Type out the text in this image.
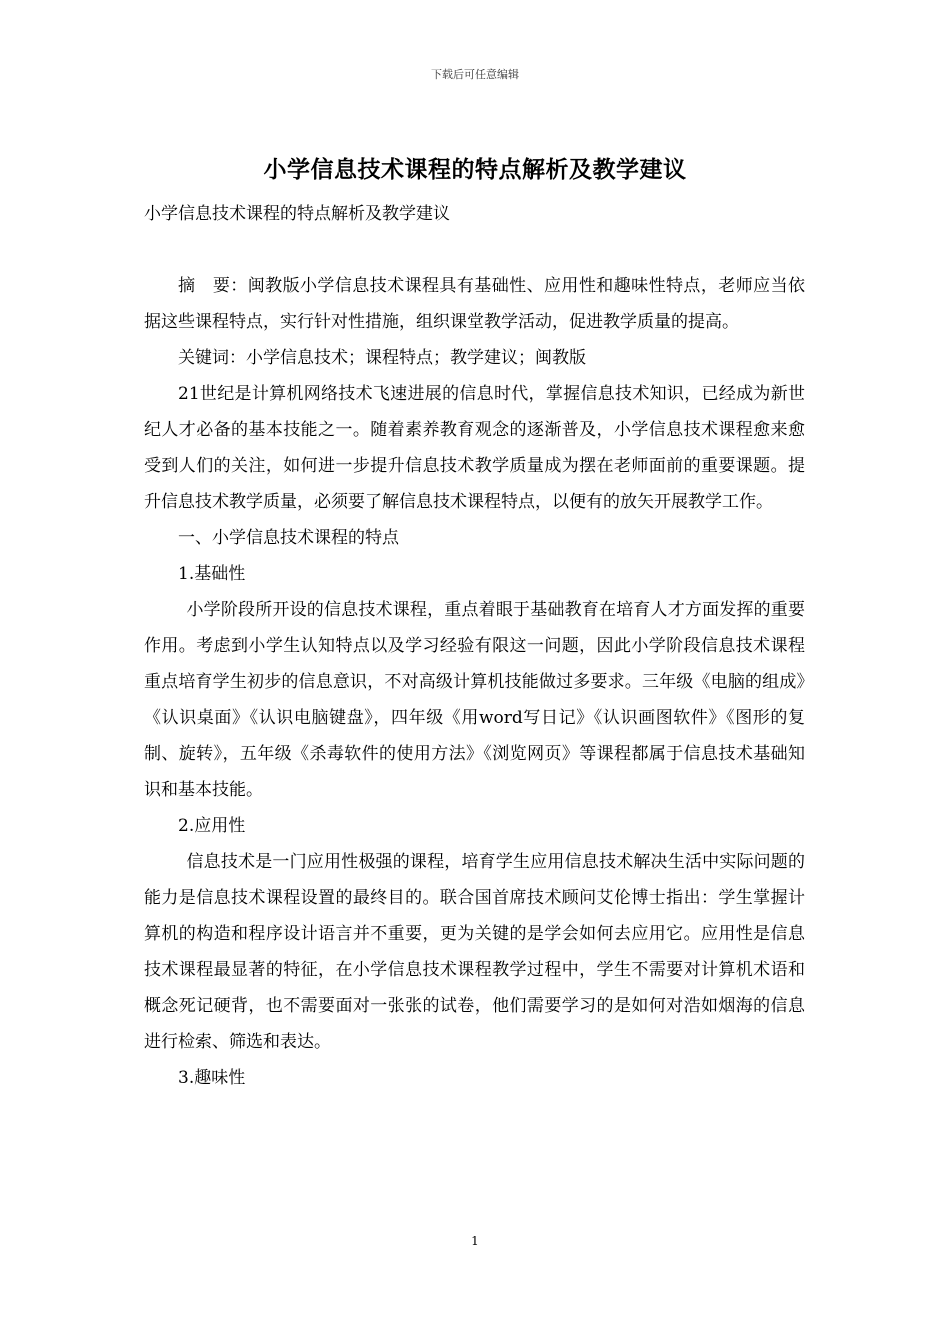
下载后可任意编辑
小学信息技术课程的特点解析及教学建议

小学信息技术课程的特点解析及教学建议

摘　要：闽教版小学信息技术课程具有基础性、应用性和趣味性特点，老师应当依据这些课程特点，实行针对性措施，组织课堂教学活动，促进教学质量的提高。

关键词：小学信息技术；课程特点；教学建议；闽教版

21世纪是计算机网络技术飞速进展的信息时代，掌握信息技术知识，已经成为新世纪人才必备的基本技能之一。随着素养教育观念的逐渐普及，小学信息技术课程愈来愈受到人们的关注，如何进一步提升信息技术教学质量成为摆在老师面前的重要课题。提升信息技术教学质量，必须要了解信息技术课程特点，以便有的放矢开展教学工作。

一、小学信息技术课程的特点

1.基础性

小学阶段所开设的信息技术课程，重点着眼于基础教育在培育人才方面发挥的重要作用。考虑到小学生认知特点以及学习经验有限这一问题，因此小学阶段信息技术课程重点培育学生初步的信息意识，不对高级计算机技能做过多要求。三年级《电脑的组成》《认识桌面》《认识电脑键盘》，四年级《用word写日记》《认识画图软件》《图形的复制、旋转》，五年级《杀毒软件的使用方法》《浏览网页》等课程都属于信息技术基础知识和基本技能。

2.应用性

信息技术是一门应用性极强的课程，培育学生应用信息技术解决生活中实际问题的能力是信息技术课程设置的最终目的。联合国首席技术顾问艾伦博士指出：学生掌握计算机的构造和程序设计语言并不重要，更为关键的是学会如何去应用它。应用性是信息技术课程最显著的特征，在小学信息技术课程教学过程中，学生不需要对计算机术语和概念死记硬背，也不需要面对一张张的试卷，他们需要学习的是如何对浩如烟海的信息进行检索、筛选和表达。

3.趣味性

1
